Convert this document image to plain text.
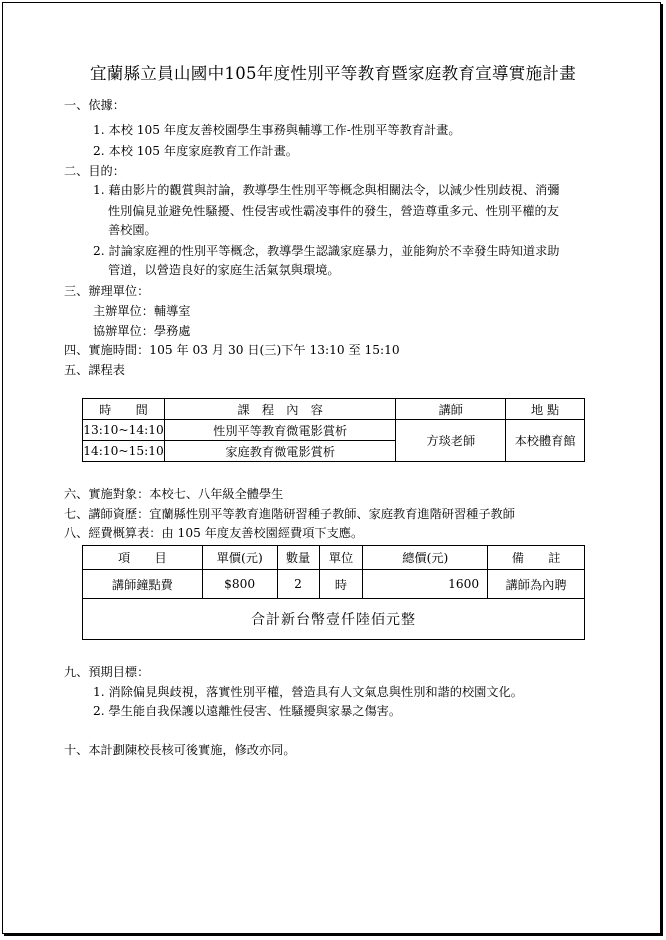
宜蘭縣立員山國中105年度性別平等教育暨家庭教育宣導實施計畫
一、依據：
1. 本校 105 年度友善校園學生事務與輔導工作-性別平等教育計畫。
2. 本校 105 年度家庭教育工作計畫。
二、目的：
1. 藉由影片的觀賞與討論，教導學生性別平等概念與相關法令，以減少性別歧視、消彌
性別偏見並避免性騷擾、性侵害或性霸凌事件的發生，營造尊重多元、性別平權的友
善校園。
2. 討論家庭裡的性別平等概念，教導學生認識家庭暴力，並能夠於不幸發生時知道求助
管道，以營造良好的家庭生活氣氛與環境。
三、辦理單位：
主辦單位：輔導室
協辦單位：學務處
四、實施時間：105 年 03 月 30 日(三)下午 13:10 至 15:10
五、課程表
時　　間	課　程　內　容	講師	地 點
13:10~14:10	性別平等教育微電影賞析	方琰老師	本校體育館
14:10~15:10	家庭教育微電影賞析		
六、實施對象：本校七、八年級全體學生
七、講師資歷：宜蘭縣性別平等教育進階研習種子教師、家庭教育進階研習種子教師
八、經費概算表：由 105 年度友善校園經費項下支應。
項　　目	單價(元)	數量	單位	總價(元)	備　　註
講師鐘點費	$800	2	時	1600	講師為內聘
合計新台幣壹仟陸佰元整					
九、預期目標：
1. 消除偏見與歧視，落實性別平權，營造具有人文氣息與性別和諧的校園文化。
2. 學生能自我保護以遠離性侵害、性騷擾與家暴之傷害。
十、本計劃陳校長核可後實施，修改亦同。
